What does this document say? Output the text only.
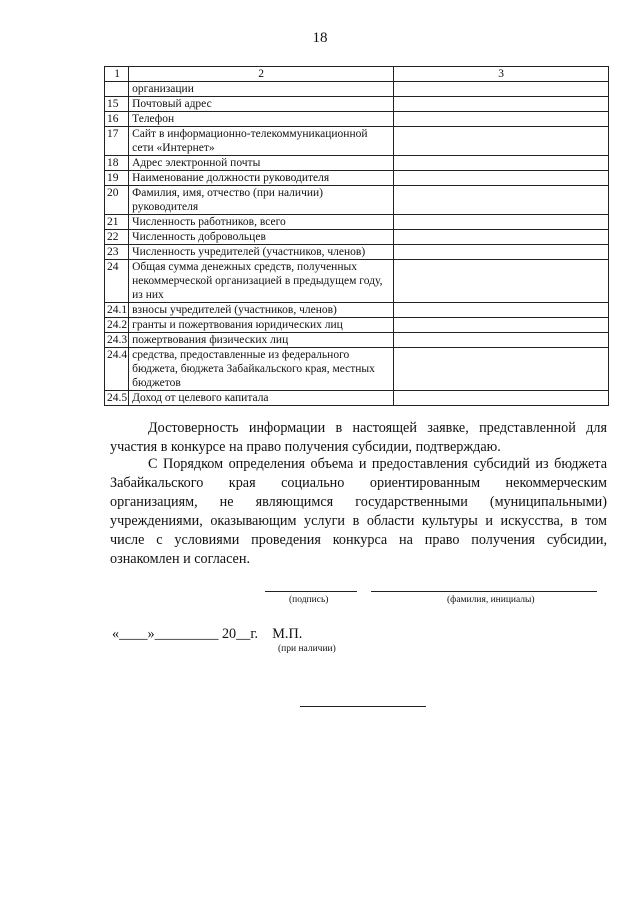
18
1	2	3
	организации	
15	Почтовый адрес	
16	Телефон	
17	Сайт в информационно-телекоммуникационной сети «Интернет»	
18	Адрес электронной почты	
19	Наименование должности руководителя	
20	Фамилия, имя, отчество (при наличии) руководителя	
21	Численность работников, всего	
22	Численность добровольцев	
23	Численность учредителей (участников, членов)	
24	Общая сумма денежных средств, полученных некоммерческой организацией в предыдущем году, из них	
24.1	взносы учредителей (участников, членов)	
24.2	гранты и пожертвования юридических лиц	
24.3	пожертвования физических лиц	
24.4	средства, предоставленные из федерального бюджета, бюджета Забайкальского края, местных бюджетов	
24.5	Доход от целевого капитала	

Достоверность информации в настоящей заявке, представленной для участия в конкурсе на право получения субсидии, подтверждаю.

С Порядком определения объема и предоставления субсидий из бюджета Забайкальского края социально ориентированным некоммерческим организациям, не являющимся государственными (муниципальными) учреждениями, оказывающим услуги в области культуры и искусства, в том числе с условиями проведения конкурса на право получения субсидии, ознакомлен и согласен.

(подпись)	(фамилия, инициалы)
«____»_________ 20__г.    М.П.
(при наличии)
